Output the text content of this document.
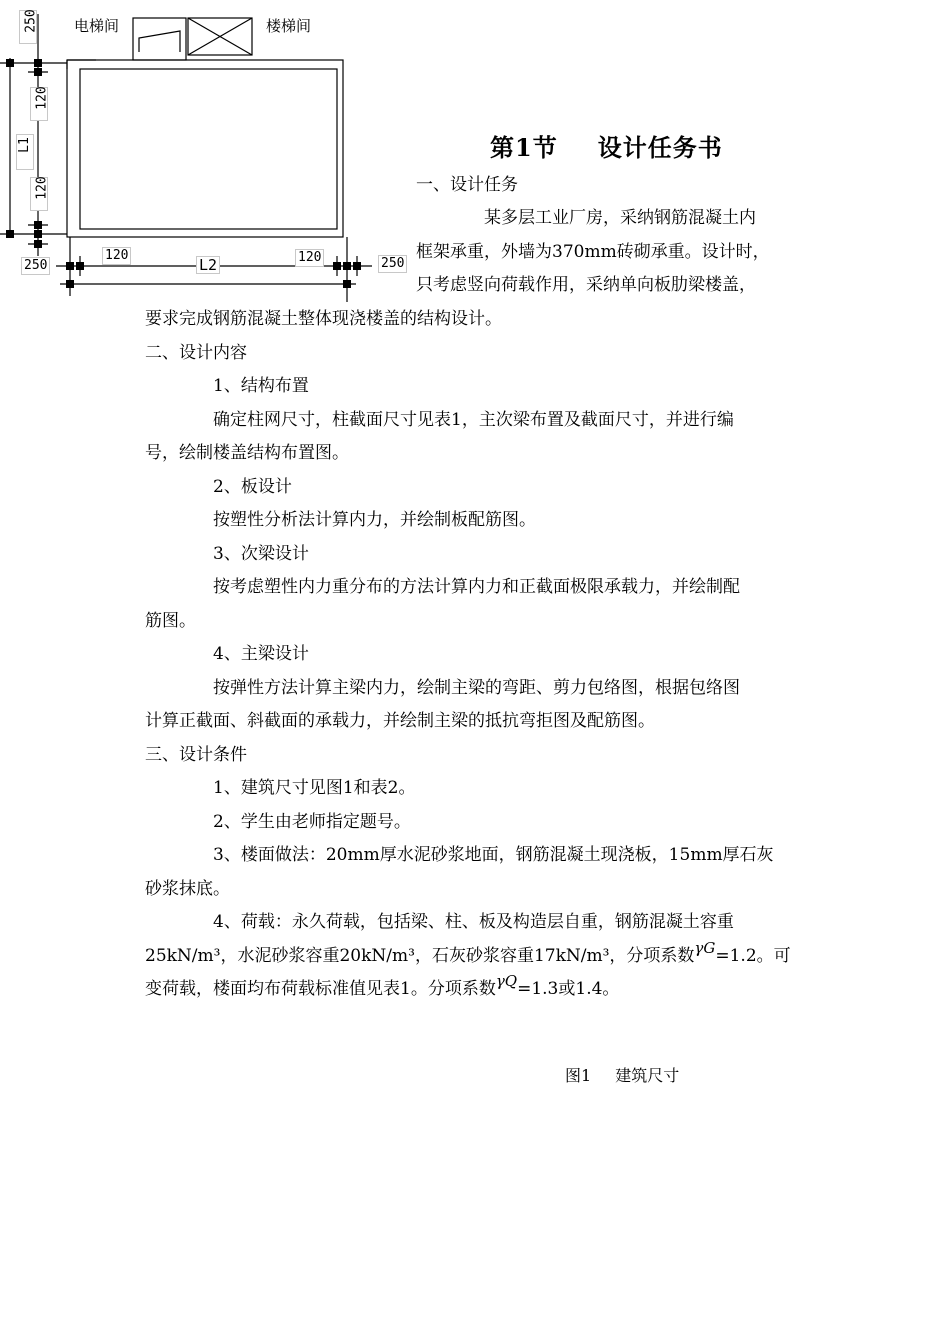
电梯间	楼梯间
250
120
L1
120
250
120
L2	120	250
第1节 设计任务书

一、设计任务

某多层工业厂房，采纳钢筋混凝土内

框架承重，外墙为370mm砖砌承重。设计时，

只考虑竖向荷载作用，采纳单向板肋梁楼盖，

要求完成钢筋混凝土整体现浇楼盖的结构设计。

二、设计内容

1、结构布置

确定柱网尺寸，柱截面尺寸见表1，主次梁布置及截面尺寸，并进行编

号，绘制楼盖结构布置图。

2、板设计

按塑性分析法计算内力，并绘制板配筋图。

3、次梁设计

按考虑塑性内力重分布的方法计算内力和正截面极限承载力，并绘制配

筋图。

4、主梁设计

按弹性方法计算主梁内力，绘制主梁的弯距、剪力包络图，根据包络图

计算正截面、斜截面的承载力，并绘制主梁的抵抗弯拒图及配筋图。

三、设计条件

1、建筑尺寸见图1和表2。

2、学生由老师指定题号。

3、楼面做法：20mm厚水泥砂浆地面，钢筋混凝土现浇板，15mm厚石灰

砂浆抹底。

4、荷载：永久荷载，包括梁、柱、板及构造层自重，钢筋混凝土容重

25kN/m³，水泥砂浆容重20kN/m³，石灰砂浆容重17kN/m³，分项系数γG=1.2。可

变荷载，楼面均布荷载标准值见表1。分项系数γQ=1.3或1.4。

图1 建筑尺寸
